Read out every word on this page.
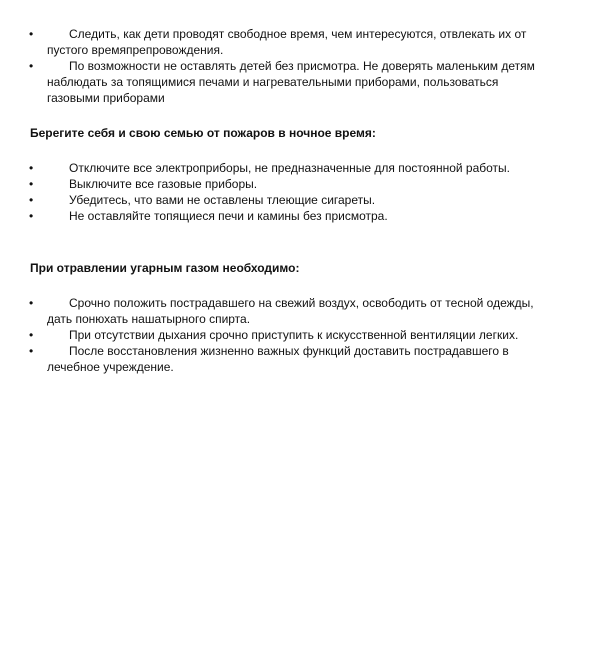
•	Следить, как дети проводят свободное время, чем интересуются, отвлекать их от пустого времяпрепровождения.
•	По возможности не оставлять детей без присмотра. Не доверять маленьким детям наблюдать за топящимися печами и нагревательными приборами, пользоваться газовыми приборами
Берегите себя и свою семью от пожаров в ночное время:
•	Отключите все электроприборы, не предназначенные для постоянной работы.
•	Выключите все газовые приборы.
•	Убедитесь, что вами не оставлены тлеющие сигареты.
•	Не оставляйте топящиеся печи и камины без присмотра.
При отравлении угарным газом необходимо:
•	Срочно положить пострадавшего на свежий воздух, освободить от тесной одежды, дать понюхать нашатырного спирта.
•	При отсутствии дыхания срочно приступить к искусственной вентиляции легких.
•	После восстановления жизненно важных функций доставить пострадавшего в лечебное учреждение.
